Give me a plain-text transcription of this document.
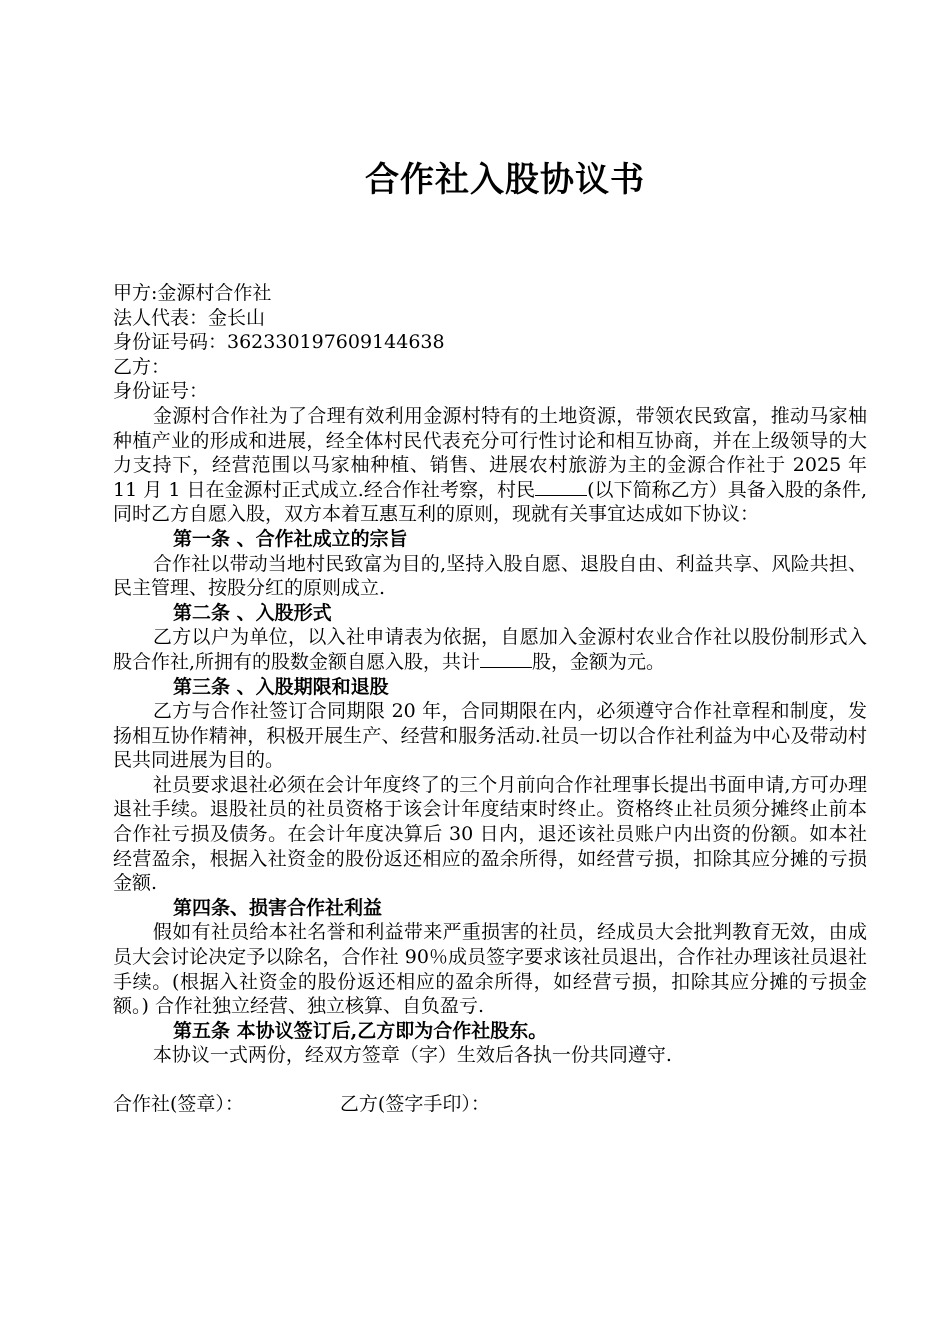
合作社入股协议书
甲方:金源村合作社
法人代表：金长山
身份证号码：362330197609144638
乙方：
身份证号：

金源村合作社为了合理有效利用金源村特有的土地资源，带领农民致富，推动马家柚种植产业的形成和进展，经全体村民代表充分可行性讨论和相互协商，并在上级领导的大力支持下，经营范围以马家柚种植、销售、进展农村旅游为主的金源合作社于 2025 年 11 月 1 日在金源村正式成立.经合作社考察，村民	(以下简称乙方）具备入股的条件,同时乙方自愿入股，双方本着互惠互利的原则，现就有关事宜达成如下协议：

第一条 、合作社成立的宗旨

合作社以带动当地村民致富为目的,坚持入股自愿、退股自由、利益共享、风险共担、民主管理、按股分红的原则成立.

第二条 、入股形式

乙方以户为单位，以入社申请表为依据，自愿加入金源村农业合作社以股份制形式入股合作社,所拥有的股数金额自愿入股，共计	股，金额为元。

第三条 、入股期限和退股

乙方与合作社签订合同期限 20 年，合同期限在内，必须遵守合作社章程和制度，发扬相互协作精神，积极开展生产、经营和服务活动.社员一切以合作社利益为中心及带动村民共同进展为目的。

社员要求退社必须在会计年度终了的三个月前向合作社理事长提出书面申请,方可办理退社手续。退股社员的社员资格于该会计年度结束时终止。资格终止社员须分摊终止前本合作社亏损及债务。在会计年度决算后 30 日内，退还该社员账户内出资的份额。如本社经营盈余，根据入社资金的股份返还相应的盈余所得，如经营亏损，扣除其应分摊的亏损金额.

第四条、损害合作社利益

假如有社员给本社名誉和利益带来严重损害的社员，经成员大会批判教育无效，由成员大会讨论决定予以除名，合作社 90％成员签字要求该社员退出，合作社办理该社员退社手续。(根据入社资金的股份返还相应的盈余所得，如经营亏损，扣除其应分摊的亏损金额。) 合作社独立经营、独立核算、自负盈亏.

第五条 本协议签订后,乙方即为合作社股东。

本协议一式两份，经双方签章（字）生效后各执一份共同遵守.

合作社(签章）：	乙方(签字手印）：
